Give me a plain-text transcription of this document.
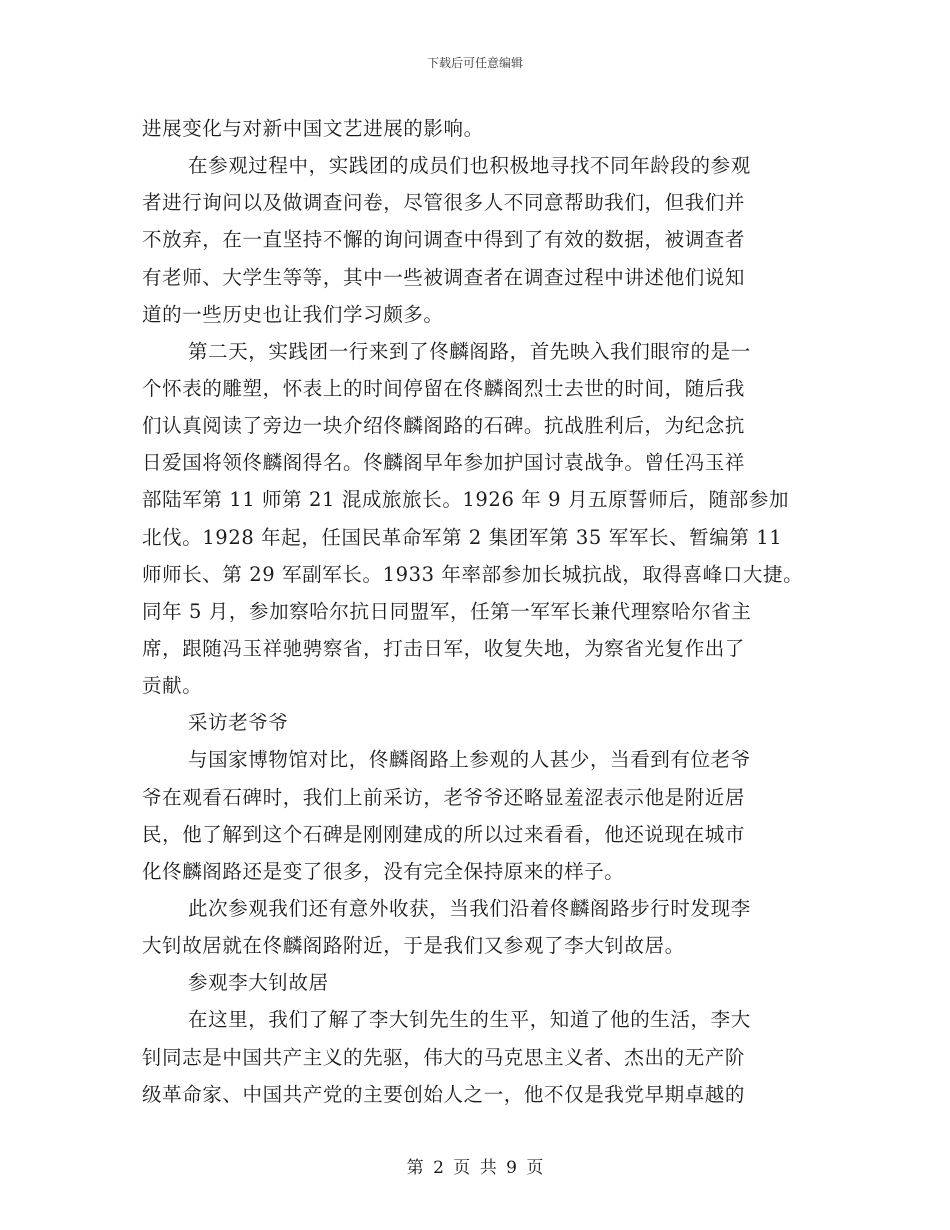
下载后可任意编辑
进展变化与对新中国文艺进展的影响。
在参观过程中，实践团的成员们也积极地寻找不同年龄段的参观
者进行询问以及做调查问卷，尽管很多人不同意帮助我们，但我们并
不放弃，在一直坚持不懈的询问调查中得到了有效的数据，被调查者
有老师、大学生等等，其中一些被调查者在调查过程中讲述他们说知
道的一些历史也让我们学习颇多。
第二天，实践团一行来到了佟麟阁路，首先映入我们眼帘的是一
个怀表的雕塑，怀表上的时间停留在佟麟阁烈士去世的时间，随后我
们认真阅读了旁边一块介绍佟麟阁路的石碑。抗战胜利后，为纪念抗
日爱国将领佟麟阁得名。佟麟阁早年参加护国讨袁战争。曾任冯玉祥
部陆军第 11 师第 21 混成旅旅长。1926 年 9 月五原誓师后，随部参加
北伐。1928 年起，任国民革命军第 2 集团军第 35 军军长、暂编第 11
师师长、第 29 军副军长。1933 年率部参加长城抗战，取得喜峰口大捷。
同年 5 月，参加察哈尔抗日同盟军，任第一军军长兼代理察哈尔省主
席，跟随冯玉祥驰骋察省，打击日军，收复失地，为察省光复作出了
贡献。
采访老爷爷
与国家博物馆对比，佟麟阁路上参观的人甚少，当看到有位老爷
爷在观看石碑时，我们上前采访，老爷爷还略显羞涩表示他是附近居
民，他了解到这个石碑是刚刚建成的所以过来看看，他还说现在城市
化佟麟阁路还是变了很多，没有完全保持原来的样子。
此次参观我们还有意外收获，当我们沿着佟麟阁路步行时发现李
大钊故居就在佟麟阁路附近，于是我们又参观了李大钊故居。
参观李大钊故居
在这里，我们了解了李大钊先生的生平，知道了他的生活，李大
钊同志是中国共产主义的先驱，伟大的马克思主义者、杰出的无产阶
级革命家、中国共产党的主要创始人之一，他不仅是我党早期卓越的
第 2 页 共 9 页
